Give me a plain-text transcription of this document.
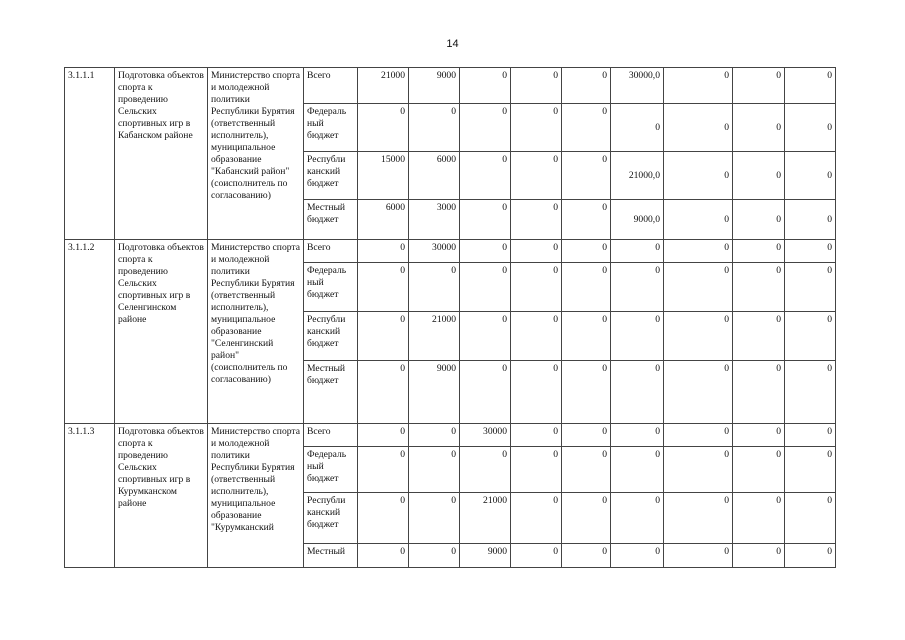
14
3.1.1.1	Подготовка объектов спорта к проведению Сельских спортивных игр в Кабанском районе	Министерство спорта и молодежной политики Республики Бурятия (ответственный исполнитель), муниципальное образование "Кабанский район" (соисполнитель по согласованию)	Всего	21000	9000	0	0	0	30000,0	0	0	0
			Федераль ный бюджет	0	0	0	0	0	0	0	0	0
			Республи канский бюджет	15000	6000	0	0	0	21000,0	0	0	0
			Местный бюджет	6000	3000	0	0	0	9000,0	0	0	0
3.1.1.2	Подготовка объектов спорта к проведению Сельских спортивных игр в Селенгинском районе	Министерство спорта и молодежной политики Республики Бурятия (ответственный исполнитель), муниципальное образование "Селенгинский район" (соисполнитель по согласованию)	Всего	0	30000	0	0	0	0	0	0	0
			Федераль ный бюджет	0	0	0	0	0	0	0	0	0
			Республи канский бюджет	0	21000	0	0	0	0	0	0	0
			Местный бюджет	0	9000	0	0	0	0	0	0	0
3.1.1.3	Подготовка объектов спорта к проведению Сельских спортивных игр в Курумканском районе	Министерство спорта и молодежной политики Республики Бурятия (ответственный исполнитель), муниципальное образование "Курумканский	Всего	0	0	30000	0	0	0	0	0	0
			Федераль ный бюджет	0	0	0	0	0	0	0	0	0
			Республи канский бюджет	0	0	21000	0	0	0	0	0	0
			Местный	0	0	9000	0	0	0	0	0	0
